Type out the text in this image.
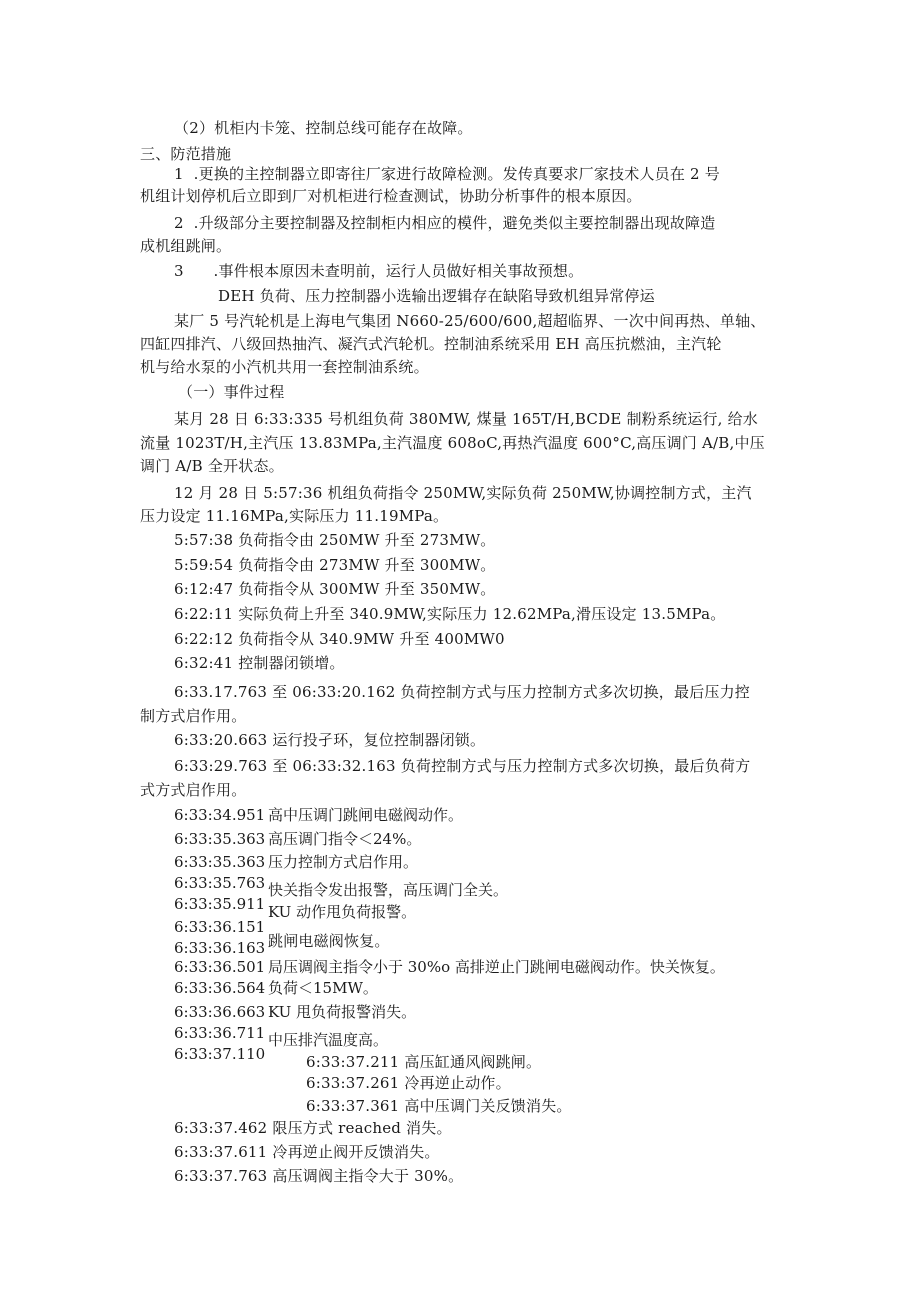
（2）机柜内卡笼、控制总线可能存在故障。
三、防范措施
1  .更换的主控制器立即寄往厂家进行故障检测。发传真要求厂家技术人员在 2 号
机组计划停机后立即到厂对机柜进行检查测试，协助分析事件的根本原因。
2  .升级部分主要控制器及控制柜内相应的模件，避免类似主要控制器出现故障造
成机组跳闸。
3      .事件根本原因未查明前，运行人员做好相关事故预想。
DEH 负荷、压力控制器小选输出逻辑存在缺陷导致机组异常停运
某厂 5 号汽轮机是上海电气集团 N660-25/600/600,超超临界、一次中间再热、单轴、
四缸四排汽、八级回热抽汽、凝汽式汽轮机。控制油系统采用 EH 高压抗燃油，主汽轮
机与给水泵的小汽机共用一套控制油系统。
（一）事件过程
某月 28 日 6:33:335 号机组负荷 380MW, 煤量 165T/H,BCDE 制粉系统运行, 给水
流量 1023T/H,主汽压 13.83MPa,主汽温度 608oC,再热汽温度 600°C,高压调门 A/B,中压
调门 A/B 全开状态。
12 月 28 日 5:57:36 机组负荷指令 250MW,实际负荷 250MW,协调控制方式，主汽
压力设定 11.16MPa,实际压力 11.19MPa。
5:57:38 负荷指令由 250MW 升至 273MW。
5:59:54 负荷指令由 273MW 升至 300MW。
6:12:47 负荷指令从 300MW 升至 350MW。
6:22:11 实际负荷上升至 340.9MW,实际压力 12.62MPa,滑压设定 13.5MPa。
6:22:12 负荷指令从 340.9MW 升至 400MW0
6:32:41 控制器闭锁增。
6:33.17.763 至 06:33:20.162 负荷控制方式与压力控制方式多次切换，最后压力控
制方式启作用。
6:33:20.663 运行投孑环，复位控制器闭锁。
6:33:29.763 至 06:33:32.163 负荷控制方式与压力控制方式多次切换，最后负荷方
式方式启作用。
6:33:34.951 高中压调门跳闸电磁阀动作。
6:33:35.363 高压调门指令＜24%。
6:33:35.363 压力控制方式启作用。
6:33:35.763 快关指令发出报警，高压调门全关。
6:33:35.911 KU 动作甩负荷报警。
6:33:36.151
6:33:36.163 跳闸电磁阀恢复。
6:33:36.501 局压调阀主指令小于 30%o 高排逆止门跳闸电磁阀动作。快关恢复。
6:33:36.564 负荷＜15MW。
6:33:36.663 KU 甩负荷报警消失。
6:33:36.711 中压排汽温度高。
6:33:37.110	6:33:37.211 高压缸通风阀跳闸。
6:33:37.261 冷再逆止动作。
6:33:37.361 高中压调门关反馈消失。
6:33:37.462 限压方式 reached 消失。
6:33:37.611 冷再逆止阀开反馈消失。
6:33:37.763 高压调阀主指令大于 30%。
